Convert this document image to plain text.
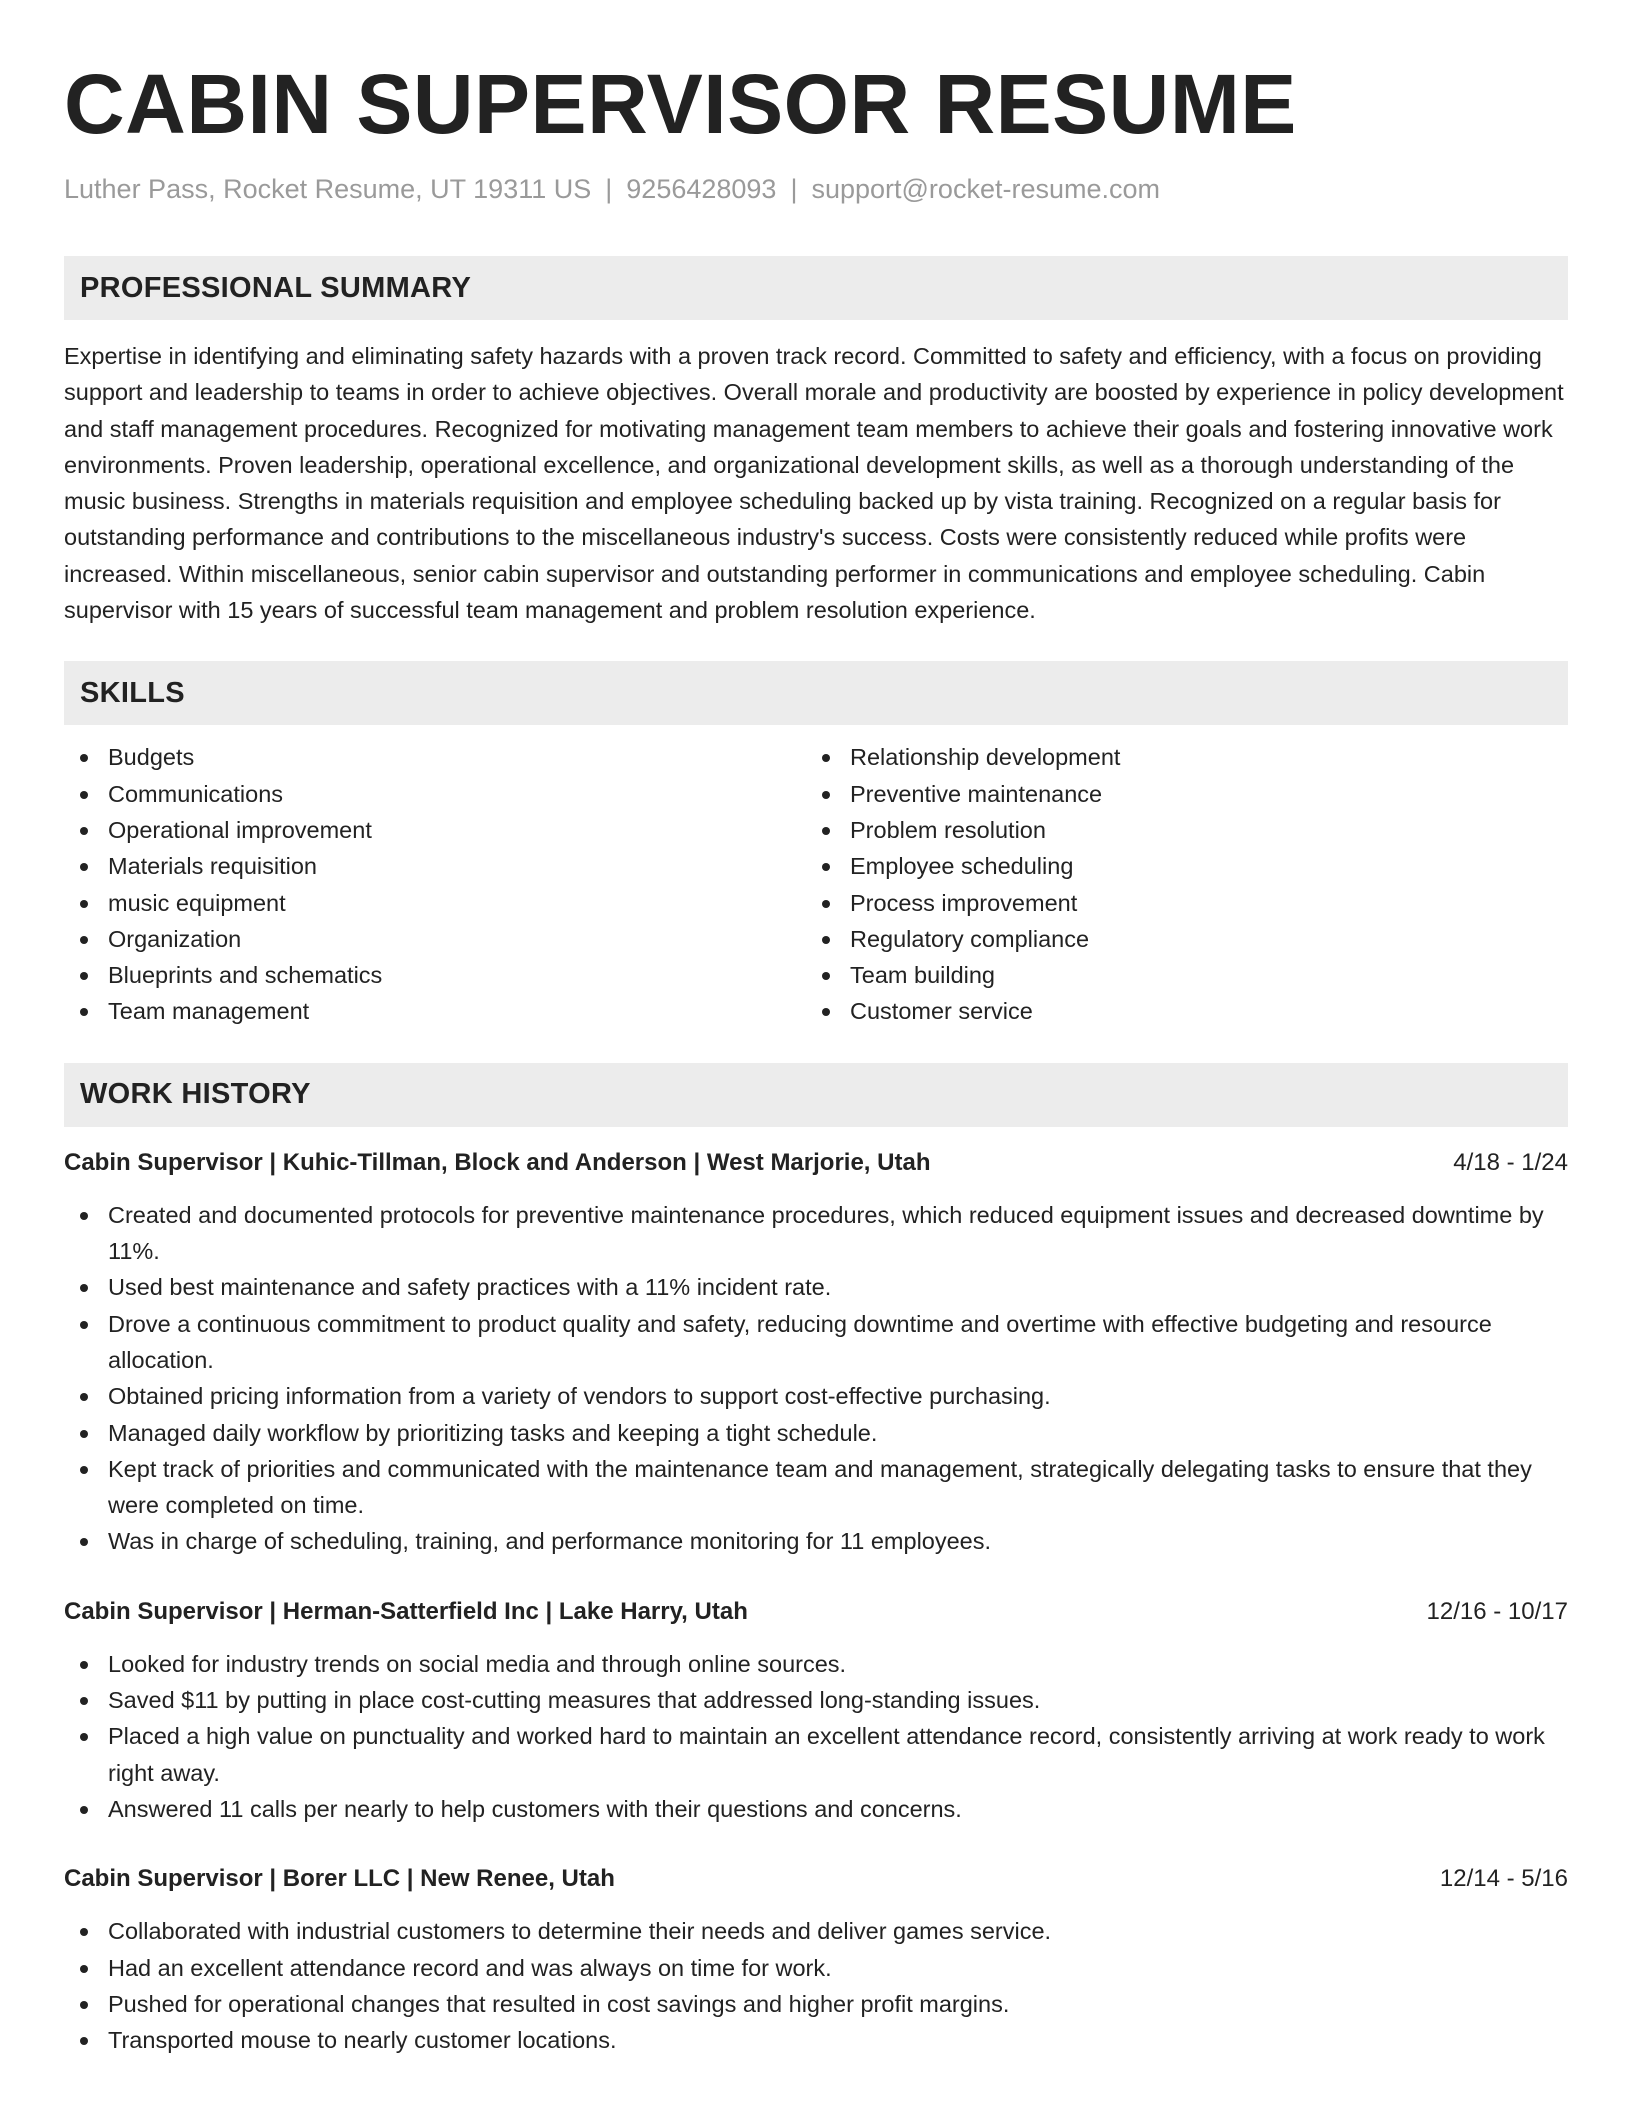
CABIN SUPERVISOR RESUME
Luther Pass, Rocket Resume, UT 19311 US | 9256428093 | support@rocket-resume.com
PROFESSIONAL SUMMARY

Expertise in identifying and eliminating safety hazards with a proven track record. Committed to safety and efficiency, with a focus on providing support and leadership to teams in order to achieve objectives. Overall morale and productivity are boosted by experience in policy development and staff management procedures. Recognized for motivating management team members to achieve their goals and fostering innovative work environments. Proven leadership, operational excellence, and organizational development skills, as well as a thorough understanding of the music business. Strengths in materials requisition and employee scheduling backed up by vista training. Recognized on a regular basis for outstanding performance and contributions to the miscellaneous industry's success. Costs were consistently reduced while profits were increased. Within miscellaneous, senior cabin supervisor and outstanding performer in communications and employee scheduling. Cabin supervisor with 15 years of successful team management and problem resolution experience.

SKILLS
Budgets
Communications
Operational improvement
Materials requisition
music equipment
Organization
Blueprints and schematics
Team management
Relationship development
Preventive maintenance
Problem resolution
Employee scheduling
Process improvement
Regulatory compliance
Team building
Customer service
WORK HISTORY
Cabin Supervisor | Kuhic-Tillman, Block and Anderson | West Marjorie, Utah	4/18 - 1/24
Created and documented protocols for preventive maintenance procedures, which reduced equipment issues and decreased downtime by 11%.
Used best maintenance and safety practices with a 11% incident rate.
Drove a continuous commitment to product quality and safety, reducing downtime and overtime with effective budgeting and resource allocation.
Obtained pricing information from a variety of vendors to support cost-effective purchasing.
Managed daily workflow by prioritizing tasks and keeping a tight schedule.
Kept track of priorities and communicated with the maintenance team and management, strategically delegating tasks to ensure that they were completed on time.
Was in charge of scheduling, training, and performance monitoring for 11 employees.
Cabin Supervisor | Herman-Satterfield Inc | Lake Harry, Utah	12/16 - 10/17
Looked for industry trends on social media and through online sources.
Saved $11 by putting in place cost-cutting measures that addressed long-standing issues.
Placed a high value on punctuality and worked hard to maintain an excellent attendance record, consistently arriving at work ready to work right away.
Answered 11 calls per nearly to help customers with their questions and concerns.
Cabin Supervisor | Borer LLC | New Renee, Utah	12/14 - 5/16
Collaborated with industrial customers to determine their needs and deliver games service.
Had an excellent attendance record and was always on time for work.
Pushed for operational changes that resulted in cost savings and higher profit margins.
Transported mouse to nearly customer locations.
